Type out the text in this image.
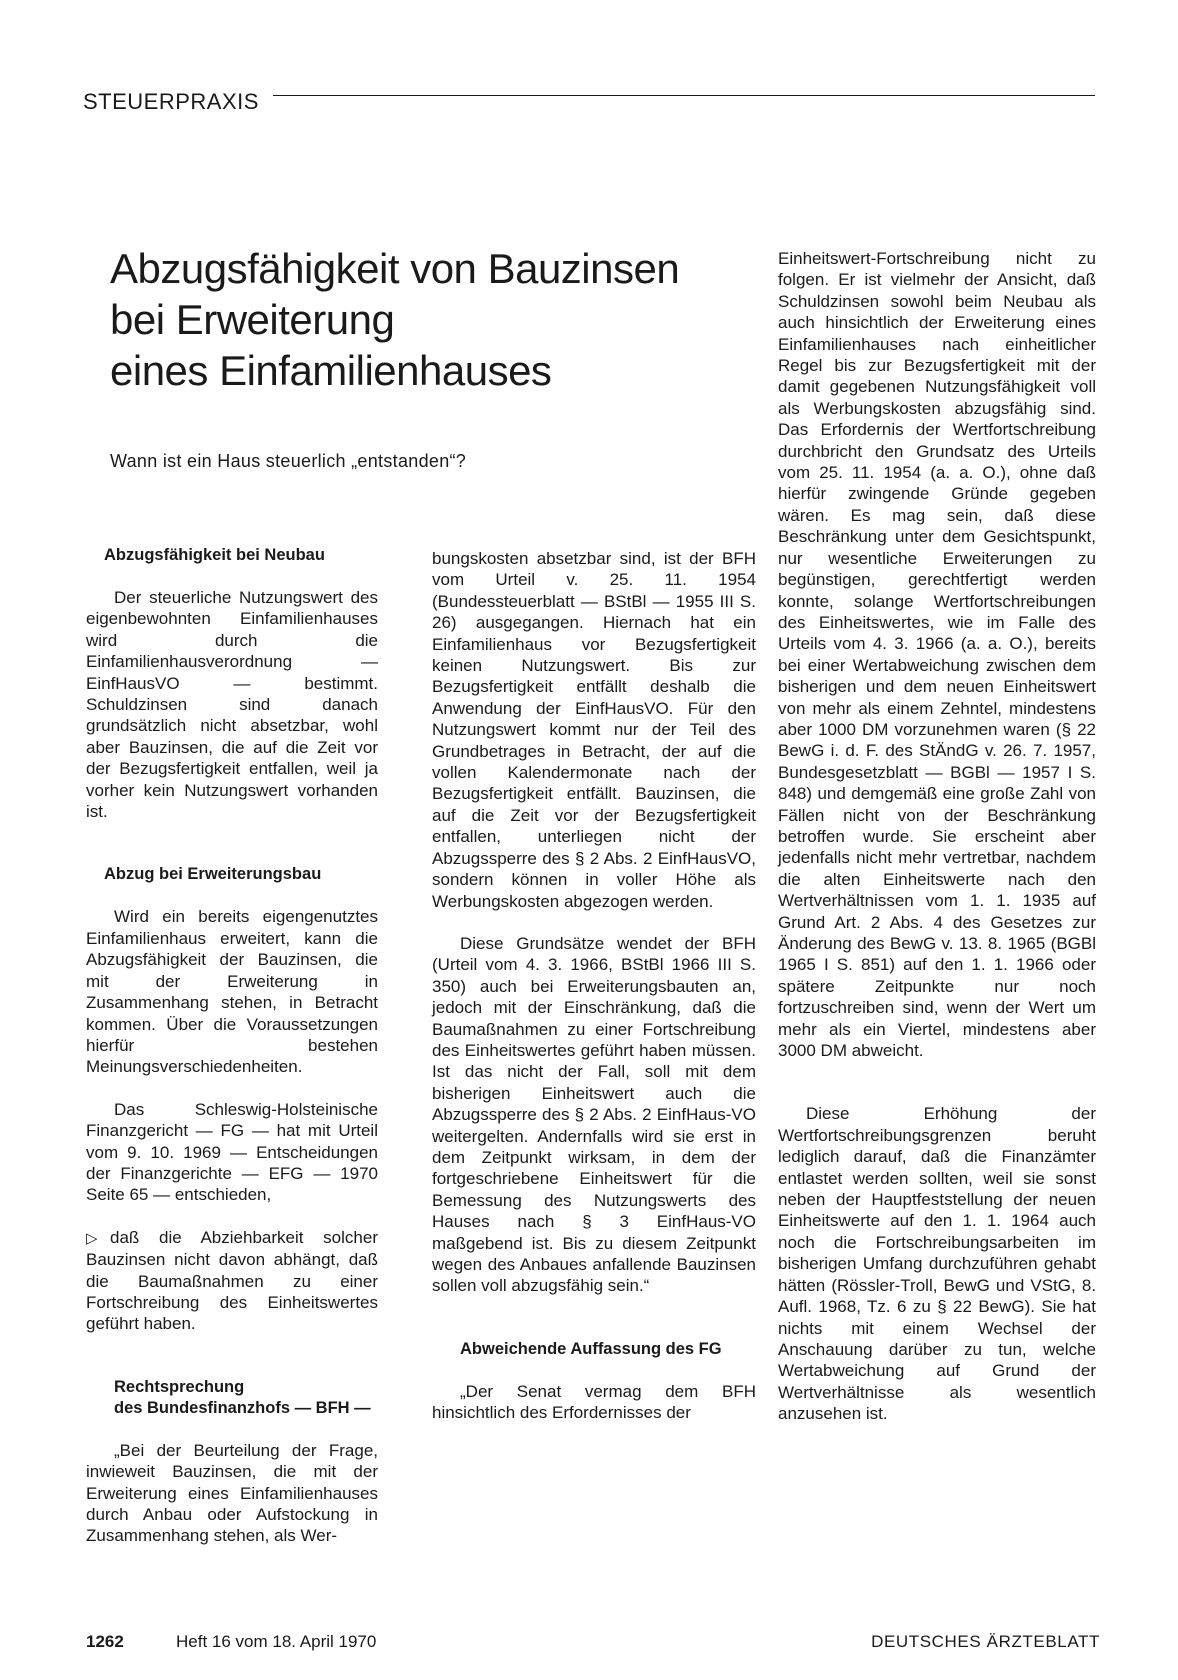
STEUERPRAXIS
Abzugsfähigkeit von Bauzinsen
bei Erweiterung
eines Einfamilienhauses
Wann ist ein Haus steuerlich „entstanden“?

Abzugsfähigkeit bei Neubau

Der steuerliche Nutzungswert des eigenbewohnten Einfamilienhauses wird durch die Einfamilienhausverordnung — EinfHausVO — bestimmt. Schuldzinsen sind danach grundsätzlich nicht absetzbar, wohl aber Bauzinsen, die auf die Zeit vor der Bezugsfertigkeit entfallen, weil ja vorher kein Nutzungswert vorhanden ist.

Abzug bei Erweiterungsbau

Wird ein bereits eigengenutztes Einfamilienhaus erweitert, kann die Abzugsfähigkeit der Bauzinsen, die mit der Erweiterung in Zusammenhang stehen, in Betracht kommen. Über die Voraussetzungen hierfür bestehen Meinungsverschiedenheiten.

Das Schleswig-Holsteinische Finanzgericht — FG — hat mit Urteil vom 9. 10. 1969 — Entscheidungen der Finanzgerichte — EFG — 1970 Seite 65 — entschieden,

▷ daß die Abziehbarkeit solcher Bauzinsen nicht davon abhängt, daß die Baumaßnahmen zu einer Fortschreibung des Einheitswertes geführt haben.

Rechtsprechung

des Bundesfinanzhofs — BFH —

„Bei der Beurteilung der Frage, inwieweit Bauzinsen, die mit der Erweiterung eines Einfamilienhauses durch Anbau oder Aufstockung in Zusammenhang stehen, als Wer-

bungskosten absetzbar sind, ist der BFH vom Urteil v. 25. 11. 1954 (Bundessteuerblatt — BStBl — 1955 III S. 26) ausgegangen. Hiernach hat ein Einfamilienhaus vor Bezugsfertigkeit keinen Nutzungswert. Bis zur Bezugsfertigkeit entfällt deshalb die Anwendung der EinfHausVO. Für den Nutzungswert kommt nur der Teil des Grundbetrages in Betracht, der auf die vollen Kalendermonate nach der Bezugsfertigkeit entfällt. Bauzinsen, die auf die Zeit vor der Bezugsfertigkeit entfallen, unterliegen nicht der Abzugssperre des § 2 Abs. 2 EinfHausVO, sondern können in voller Höhe als Werbungskosten abgezogen werden.

Diese Grundsätze wendet der BFH (Urteil vom 4. 3. 1966, BStBl 1966 III S. 350) auch bei Erweiterungsbauten an, jedoch mit der Einschränkung, daß die Baumaßnahmen zu einer Fortschreibung des Einheitswertes geführt haben müssen. Ist das nicht der Fall, soll mit dem bisherigen Einheitswert auch die Abzugssperre des § 2 Abs. 2 EinfHaus-VO weitergelten. Andernfalls wird sie erst in dem Zeitpunkt wirksam, in dem der fortgeschriebene Einheitswert für die Bemessung des Nutzungswerts des Hauses nach § 3 EinfHaus-VO maßgebend ist. Bis zu diesem Zeitpunkt wegen des Anbaues anfallende Bauzinsen sollen voll abzugsfähig sein.“

Abweichende Auffassung des FG

„Der Senat vermag dem BFH hinsichtlich des Erfordernisses der

Einheitswert-Fortschreibung nicht zu folgen. Er ist vielmehr der Ansicht, daß Schuldzinsen sowohl beim Neubau als auch hinsichtlich der Erweiterung eines Einfamilienhauses nach einheitlicher Regel bis zur Bezugsfertigkeit mit der damit gegebenen Nutzungsfähigkeit voll als Werbungskosten abzugsfähig sind. Das Erfordernis der Wertfortschreibung durchbricht den Grundsatz des Urteils vom 25. 11. 1954 (a. a. O.), ohne daß hierfür zwingende Gründe gegeben wären. Es mag sein, daß diese Beschränkung unter dem Gesichtspunkt, nur wesentliche Erweiterungen zu begünstigen, gerechtfertigt werden konnte, solange Wertfortschreibungen des Einheitswertes, wie im Falle des Urteils vom 4. 3. 1966 (a. a. O.), bereits bei einer Wertabweichung zwischen dem bisherigen und dem neuen Einheitswert von mehr als einem Zehntel, mindestens aber 1000 DM vorzunehmen waren (§ 22 BewG i. d. F. des StÄndG v. 26. 7. 1957, Bundesgesetzblatt — BGBl — 1957 I S. 848) und demgemäß eine große Zahl von Fällen nicht von der Beschränkung betroffen wurde. Sie erscheint aber jedenfalls nicht mehr vertretbar, nachdem die alten Einheitswerte nach den Wertverhältnissen vom 1. 1. 1935 auf Grund Art. 2 Abs. 4 des Gesetzes zur Änderung des BewG v. 13. 8. 1965 (BGBl 1965 I S. 851) auf den 1. 1. 1966 oder spätere Zeitpunkte nur noch fortzuschreiben sind, wenn der Wert um mehr als ein Viertel, mindestens aber 3000 DM abweicht.

Diese Erhöhung der Wertfortschreibungsgrenzen beruht lediglich darauf, daß die Finanzämter entlastet werden sollten, weil sie sonst neben der Hauptfeststellung der neuen Einheitswerte auf den 1. 1. 1964 auch noch die Fortschreibungsarbeiten im bisherigen Umfang durchzuführen gehabt hätten (Rössler-Troll, BewG und VStG, 8. Aufl. 1968, Tz. 6 zu § 22 BewG). Sie hat nichts mit einem Wechsel der Anschauung darüber zu tun, welche Wertabweichung auf Grund der Wertverhältnisse als wesentlich anzusehen ist.

1262	Heft 16 vom 18. April 1970	DEUTSCHES ÄRZTEBLATT
